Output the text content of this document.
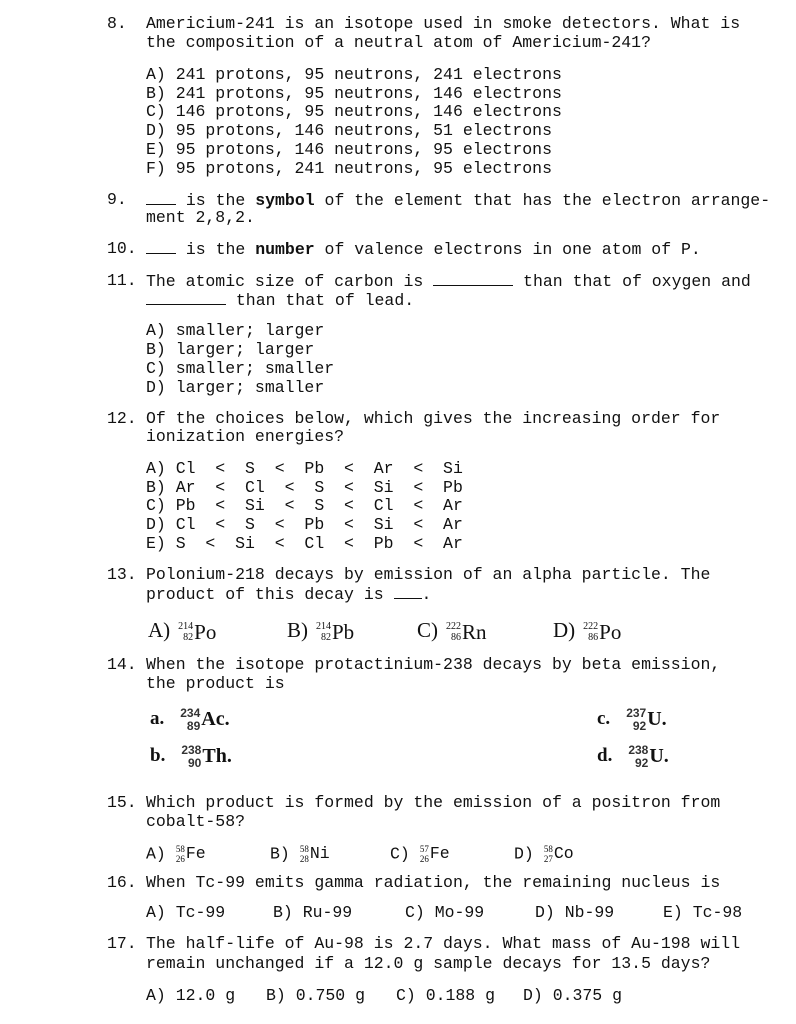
8. Americium-241 is an isotope used in smoke detectors. What is
the composition of a neutral atom of Americium-241?
A) 241 protons, 95 neutrons, 241 electrons
B) 241 protons, 95 neutrons, 146 electrons
C) 146 protons, 95 neutrons, 146 electrons
D) 95 protons, 146 neutrons, 51 electrons
E) 95 protons, 146 neutrons, 95 electrons
F) 95 protons, 241 neutrons, 95 electrons
9.	is the symbol of the element that has the electron arrange-
ment 2,8,2.
10.	is the number of valence electrons in one atom of P.
11. The atomic size of carbon is	than that of oxygen and
than that of lead.
A) smaller; larger
B) larger; larger
C) smaller; smaller
D) larger; smaller
12. Of the choices below, which gives the increasing order for
ionization energies?
A) Cl  <  S  <  Pb  <  Ar  <  Si
B) Ar  <  Cl  <  S  <  Si  <  Pb
C) Pb  <  Si  <  S  <  Cl  <  Ar
D) Cl  <  S  <  Pb  <  Si  <  Ar
E) S  <  Si  <  Cl  <  Pb  <  Ar
13. Polonium-218 decays by emission of an alpha particle. The
product of this decay is .
A) 214
82 Po	B) 214
82 Pb	C) 222
86 Rn	D) 222
86 Po
14. When the isotope protactinium-238 decays by beta emission,
the product is
a. 234
89 Ac.
b. 238
90 Th.
c. 237
92 U.
d. 238
92 U.
15. Which product is formed by the emission of a positron from
cobalt-58?
A) 58
26 Fe	B) 58
28 Ni	C) 57
26 Fe	D) 58
27 Co
16. When Tc-99 emits gamma radiation, the remaining nucleus is
A) Tc-99	B) Ru-99	C) Mo-99	D) Nb-99	E) Tc-98
17. The half-life of Au-98 is 2.7 days. What mass of Au-198 will
remain unchanged if a 12.0 g sample decays for 13.5 days?
A) 12.0 g B) 0.750 g C) 0.188 g D) 0.375 g
